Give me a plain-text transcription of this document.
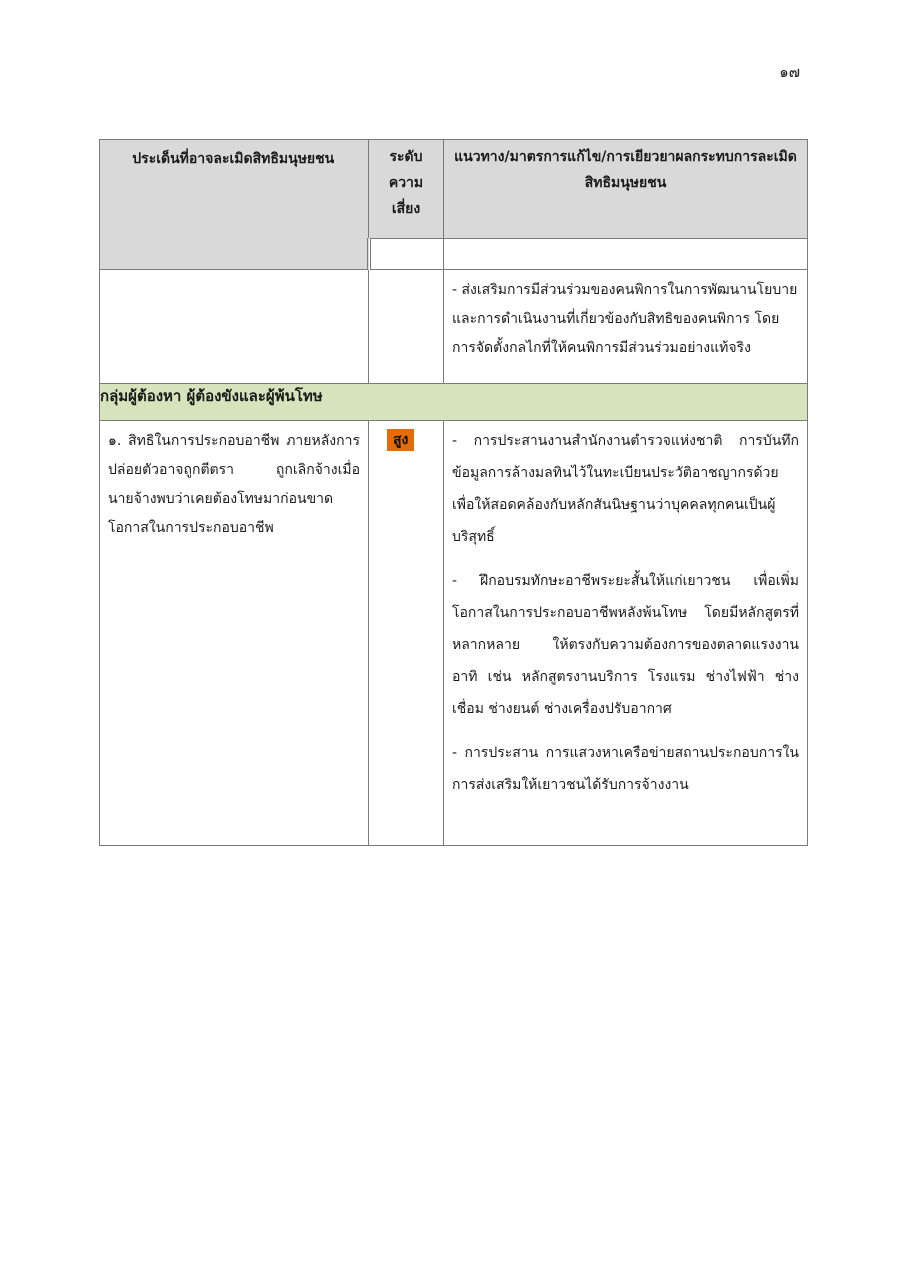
๑๗
ประเด็นที่อาจละเมิดสิทธิมนุษยชน	ระดับ
ความ
เสี่ยง	แนวทาง/มาตรการแก้ไข/การเยียวยาผลกระทบการละเมิดสิทธิมนุษยชน

		- ส่งเสริมการมีส่วนร่วมของคนพิการในการพัฒนานโยบายและการดำเนินงานที่เกี่ยวข้องกับสิทธิของคนพิการ โดยการจัดตั้งกลไกที่ให้คนพิการมีส่วนร่วมอย่างแท้จริง

กลุ่มผู้ต้องหา ผู้ต้องขังและผู้พ้นโทษ		

๑. สิทธิในการประกอบอาชีพ ภายหลังการปล่อยตัวอาจถูกตีตรา ถูกเลิกจ้างเมื่อนายจ้างพบว่าเคยต้องโทษมาก่อนขาดโอกาสในการประกอบอาชีพ	สูง	- การประสานงานสำนักงานตำรวจแห่งชาติ การบันทึกข้อมูลการล้างมลทินไว้ในทะเบียนประวัติอาชญากรด้วย เพื่อให้สอดคล้องกับหลักสันนิษฐานว่าบุคคลทุกคนเป็นผู้บริสุทธิ์

- ฝึกอบรมทักษะอาชีพระยะสั้นให้แก่เยาวชน เพื่อเพิ่มโอกาสในการประกอบอาชีพหลังพ้นโทษ โดยมีหลักสูตรที่หลากหลาย ให้ตรงกับความต้องการของตลาดแรงงาน อาทิ เช่น หลักสูตรงานบริการ โรงแรม ช่างไฟฟ้า ช่างเชื่อม ช่างยนต์ ช่างเครื่องปรับอากาศ

- การประสาน การแสวงหาเครือข่ายสถานประกอบการในการส่งเสริมให้เยาวชนได้รับการจ้างงาน
